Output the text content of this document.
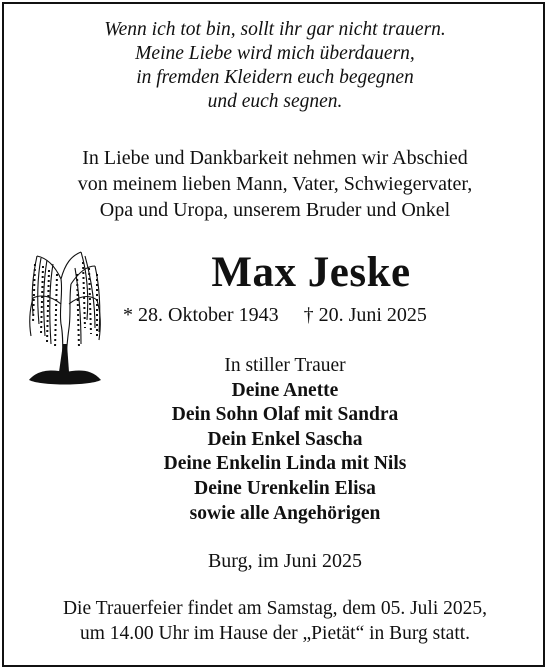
Wenn ich tot bin, sollt ihr gar nicht trauern.
Meine Liebe wird mich überdauern,
in fremden Kleidern euch begegnen
und euch segnen.
In Liebe und Dankbarkeit nehmen wir Abschied
von meinem lieben Mann, Vater, Schwiegervater,
Opa und Uropa, unserem Bruder und Onkel
Max Jeske
* 28. Oktober 1943 † 20. Juni 2025
In stiller Trauer
Deine Anette
Dein Sohn Olaf mit Sandra
Dein Enkel Sascha
Deine Enkelin Linda mit Nils
Deine Urenkelin Elisa
sowie alle Angehörigen
Burg, im Juni 2025
Die Trauerfeier findet am Samstag, dem 05. Juli 2025,
um 14.00 Uhr im Hause der „Pietät“ in Burg statt.
